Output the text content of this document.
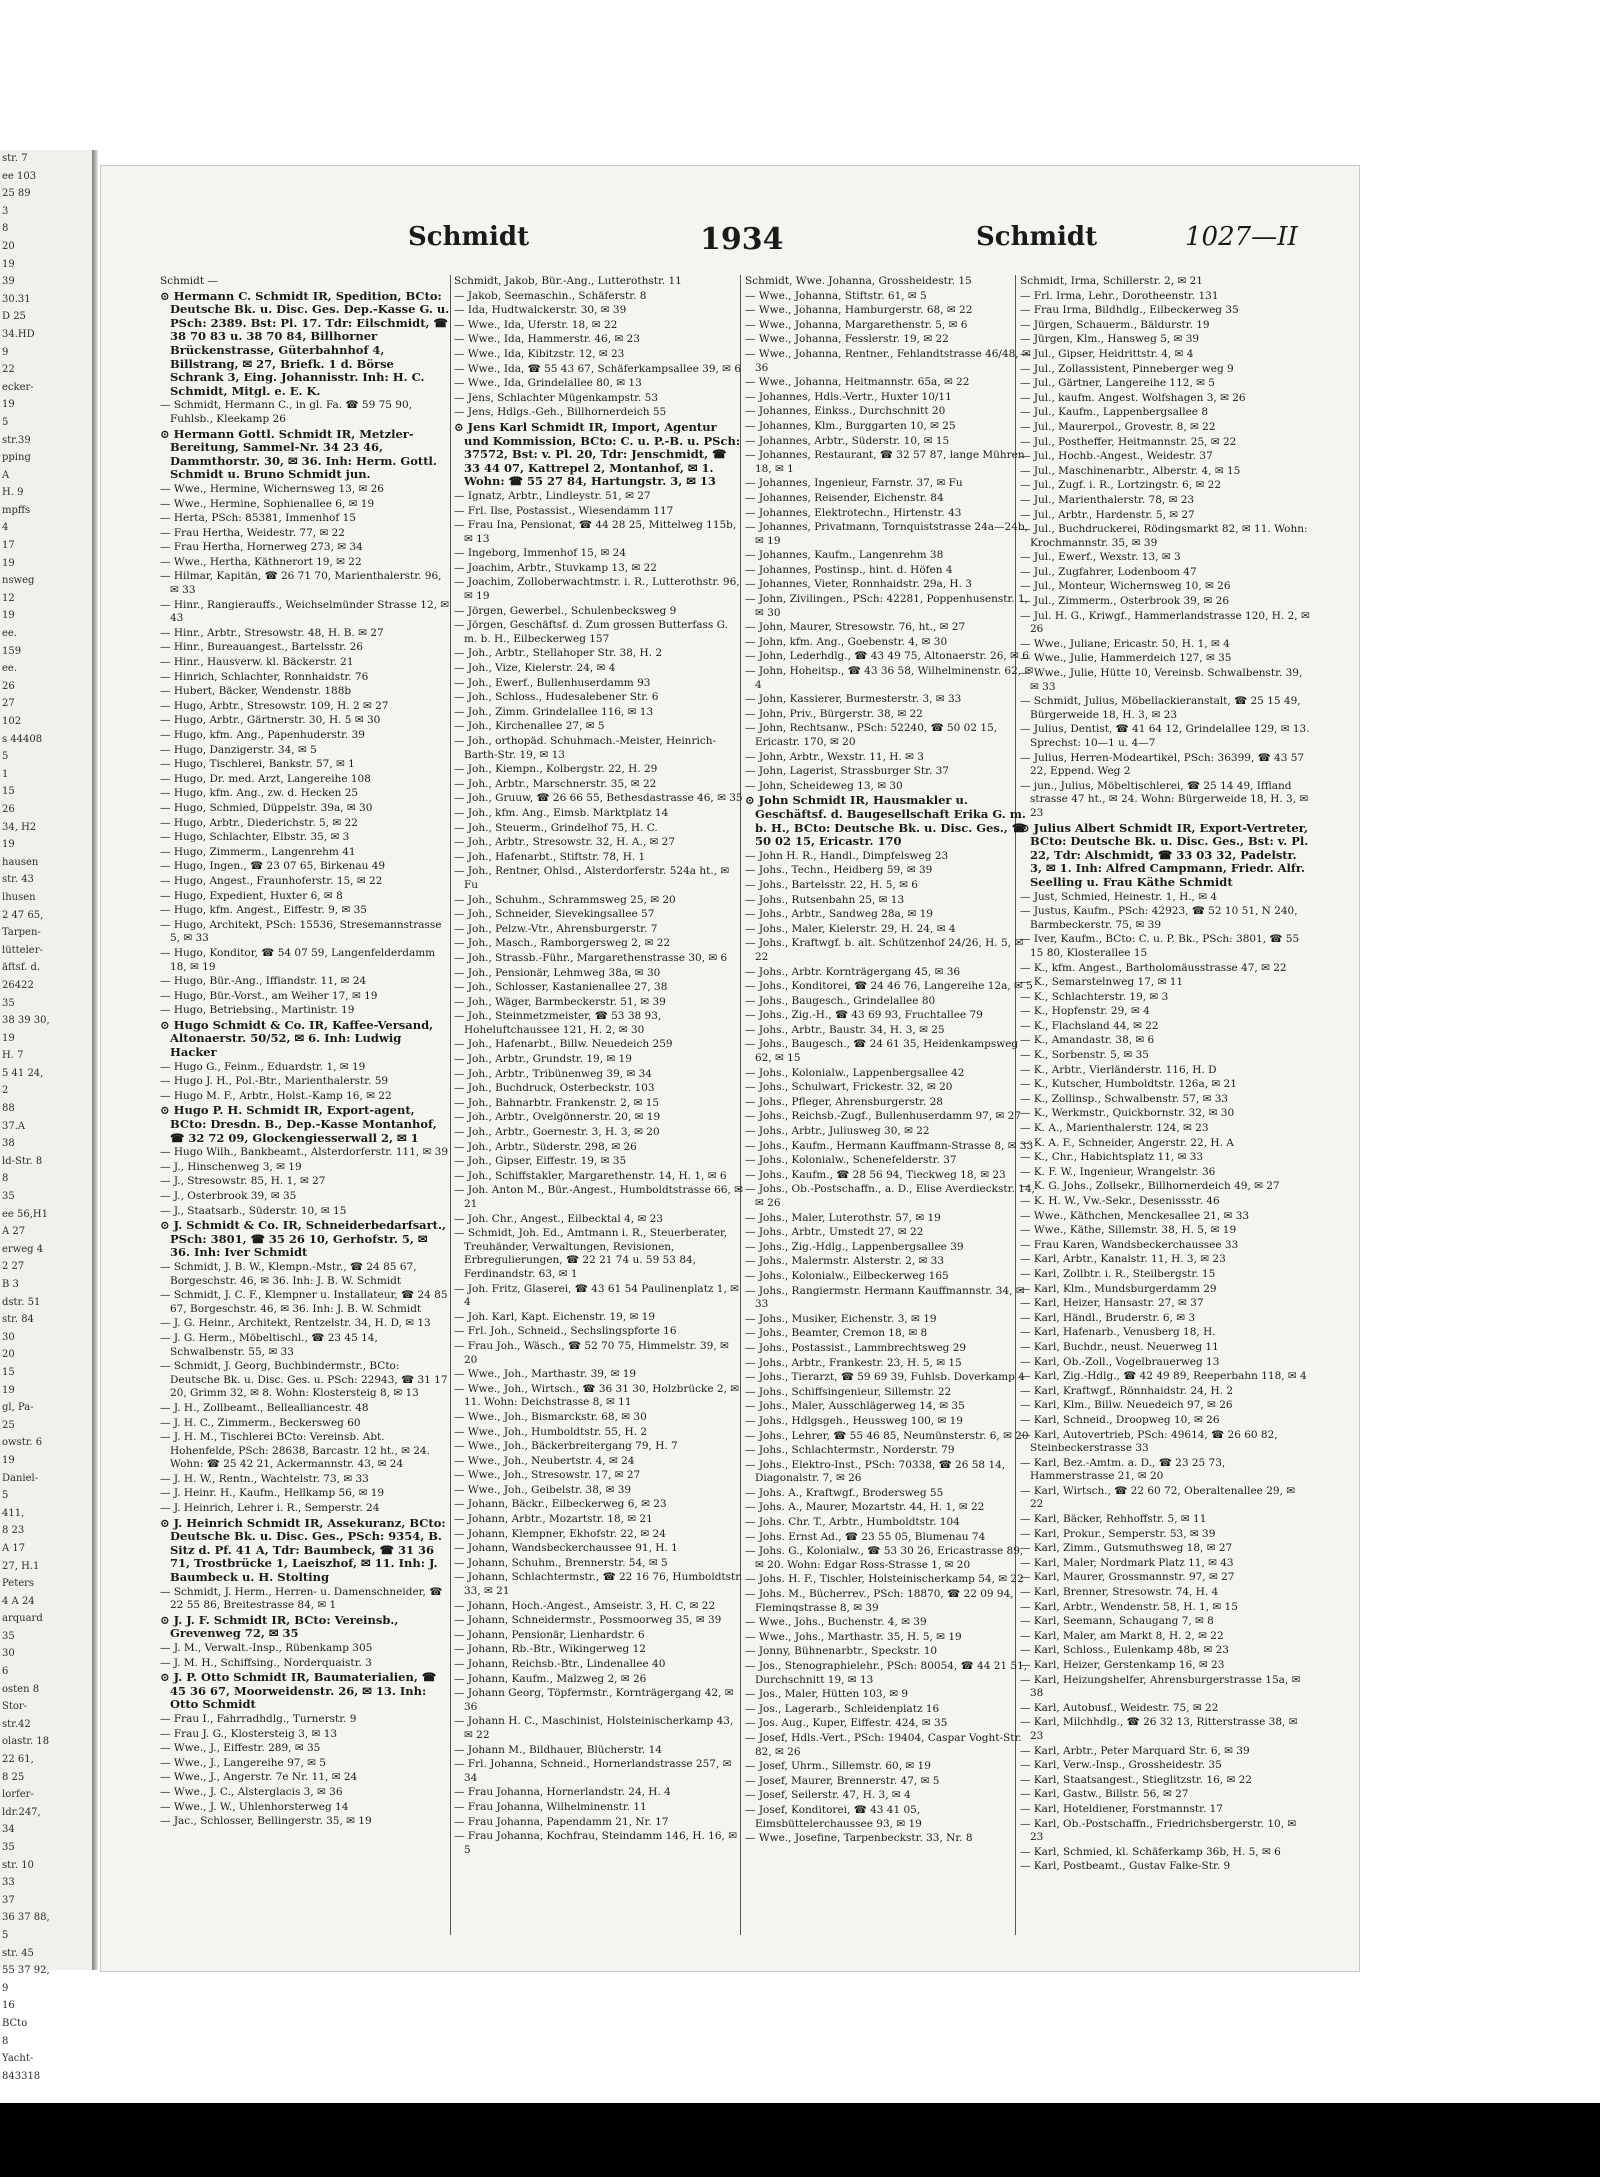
str. 7
ee 103
25 89
3
8
20
19
39
30.31
D 25
34.HD
9
22
ecker-
19
5
str.39
pping
A
H. 9
mpffs
4
17
19
nsweg
12
19
ee.
159
ee.
26
27
102
s 44408
5
1
15
26
34, H2
19
hausen
str. 43
lhusen
2 47 65,
Tarpen-
lütteler-
äftsf. d.
26422
35
38 39 30,
19
H. 7
5 41 24,
2
88
37.A
38
ld-Str. 8
8
35
ee 56,H1
A 27
erweg 4
2 27
B 3
dstr. 51
str. 84
30
20
15
19
gl, Pa-
25
owstr. 6
19
Daniel-
5
411,
8 23
A 17
27, H.1
Peters
4 A 24
arquard
35
30
6
osten 8
Stor-
str.42
olastr. 18
22 61,
8 25
lorfer-
ldr.247,
34
35
str. 10
33
37
36 37 88,
5
str. 45
55 37 92,
9
16
BCto
8
Yacht-
843318
Schmidt	1934	Schmidt	1027—II
Schmidt —
⊙ Hermann C. Schmidt IR, Spedition, BCto: Deutsche Bk. u. Disc. Ges. Dep.-Kasse G. u. PSch: 2389. Bst: Pl. 17. Tdr: Eilschmidt, ☎ 38 70 83 u. 38 70 84, Billhorner Brückenstrasse, Güterbahnhof 4, Billstrang, ✉ 27, Briefk. 1 d. Börse Schrank 3, Eing. Johannisstr. Inh: H. C. Schmidt, Mitgl. e. E. K.
— Schmidt, Hermann C., in gl. Fa. ☎ 59 75 90, Fuhlsb., Kleekamp 26
⊙ Hermann Gottl. Schmidt IR, Metzler-Bereitung, Sammel-Nr. 34 23 46, Dammthorstr. 30, ✉ 36. Inh: Herm. Gottl. Schmidt u. Bruno Schmidt jun.
— Wwe., Hermine, Wichernsweg 13, ✉ 26
— Wwe., Hermine, Sophienallee 6, ✉ 19
— Herta, PSch: 85381, Immenhof 15
— Frau Hertha, Weidestr. 77, ✉ 22
— Frau Hertha, Hornerweg 273, ✉ 34
— Wwe., Hertha, Käthnerort 19, ✉ 22
— Hilmar, Kapitän, ☎ 26 71 70, Marienthalerstr. 96, ✉ 33
— Hinr., Rangierauffs., Weichselmünder Strasse 12, ✉ 43
— Hinr., Arbtr., Stresowstr. 48, H. B. ✉ 27
— Hinr., Bureauangest., Bartelsstr. 26
— Hinr., Hausverw. kl. Bäckerstr. 21
— Hinrich, Schlachter, Ronnhaidstr. 76
— Hubert, Bäcker, Wendenstr. 188b
— Hugo, Arbtr., Stresowstr. 109, H. 2 ✉ 27
— Hugo, Arbtr., Gärtnerstr. 30, H. 5 ✉ 30
— Hugo, kfm. Ang., Papenhuderstr. 39
— Hugo, Danzigerstr. 34, ✉ 5
— Hugo, Tischlerei, Bankstr. 57, ✉ 1
— Hugo, Dr. med. Arzt, Langereihe 108
— Hugo, kfm. Ang., zw. d. Hecken 25
— Hugo, Schmied, Düppelstr. 39a, ✉ 30
— Hugo, Arbtr., Diederichstr. 5, ✉ 22
— Hugo, Schlachter, Elbstr. 35, ✉ 3
— Hugo, Zimmerm., Langenrehm 41
— Hugo, Ingen., ☎ 23 07 65, Birkenau 49
— Hugo, Angest., Fraunhoferstr. 15, ✉ 22
— Hugo, Expedient, Huxter 6, ✉ 8
— Hugo, kfm. Angest., Eiffestr. 9, ✉ 35
— Hugo, Architekt, PSch: 15536, Stresemannstrasse 5, ✉ 33
— Hugo, Konditor, ☎ 54 07 59, Langenfelderdamm 18, ✉ 19
— Hugo, Bür.-Ang., Iffiandstr. 11, ✉ 24
— Hugo, Bür.-Vorst., am Weiher 17, ✉ 19
— Hugo, Betriebsing., Martinistr. 19
⊙ Hugo Schmidt & Co. IR, Kaffee-Versand, Altonaerstr. 50/52, ✉ 6. Inh: Ludwig Hacker
— Hugo G., Feinm., Eduardstr. 1, ✉ 19
— Hugo J. H., Pol.-Btr., Marienthalerstr. 59
— Hugo M. F., Arbtr., Holst.-Kamp 16, ✉ 22
⊙ Hugo P. H. Schmidt IR, Export-agent, BCto: Dresdn. B., Dep.-Kasse Montanhof, ☎ 32 72 09, Glockengiesserwall 2, ✉ 1
— Hugo Wilh., Bankbeamt., Alsterdorferstr. 111, ✉ 39
— J., Hinschenweg 3, ✉ 19
— J., Stresowstr. 85, H. 1, ✉ 27
— J., Osterbrook 39, ✉ 35
— J., Staatsarb., Süderstr. 10, ✉ 15
⊙ J. Schmidt & Co. IR, Schneiderbedarfsart., PSch: 3801, ☎ 35 26 10, Gerhofstr. 5, ✉ 36. Inh: Iver Schmidt
— Schmidt, J. B. W., Klempn.-Mstr., ☎ 24 85 67, Borgeschstr. 46, ✉ 36. Inh: J. B. W. Schmidt
— Schmidt, J. C. F., Klempner u. Installateur, ☎ 24 85 67, Borgeschstr. 46, ✉ 36. Inh: J. B. W. Schmidt
— J. G. Heinr., Architekt, Rentzelstr. 34, H. D, ✉ 13
— J. G. Herm., Möbeltischl., ☎ 23 45 14, Schwalbenstr. 55, ✉ 33
— Schmidt, J. Georg, Buchbindermstr., BCto: Deutsche Bk. u. Disc. Ges. u. PSch: 22943, ☎ 31 17 20, Grimm 32, ✉ 8. Wohn: Klostersteig 8, ✉ 13
— J. H., Zollbeamt., Bellealliancestr. 48
— J. H. C., Zimmerm., Beckersweg 60
— J. H. M., Tischlerei BCto: Vereinsb. Abt. Hohenfelde, PSch: 28638, Barcastr. 12 ht., ✉ 24. Wohn: ☎ 25 42 21, Ackermannstr. 43, ✉ 24
— J. H. W., Rentn., Wachtelstr. 73, ✉ 33
— J. Heinr. H., Kaufm., Hellkamp 56, ✉ 19
— J. Heinrich, Lehrer i. R., Semperstr. 24
⊙ J. Heinrich Schmidt IR, Assekuranz, BCto: Deutsche Bk. u. Disc. Ges., PSch: 9354, B. Sitz d. Pf. 41 A, Tdr: Baumbeck, ☎ 31 36 71, Trostbrücke 1, Laeiszhof, ✉ 11. Inh: J. Baumbeck u. H. Stolting
— Schmidt, J. Herm., Herren- u. Damenschneider, ☎ 22 55 86, Breitestrasse 84, ✉ 1
⊙ J. J. F. Schmidt IR, BCto: Vereinsb., Grevenweg 72, ✉ 35
— J. M., Verwalt.-Insp., Rübenkamp 305
— J. M. H., Schiffsing., Norderquaistr. 3
⊙ J. P. Otto Schmidt IR, Baumaterialien, ☎ 45 36 67, Moorweidenstr. 26, ✉ 13. Inh: Otto Schmidt
— Frau I., Fahrradhdlg., Turnerstr. 9
— Frau J. G., Klostersteig 3, ✉ 13
— Wwe., J., Eiffestr. 289, ✉ 35
— Wwe., J., Langereihe 97, ✉ 5
— Wwe., J., Angerstr. 7e Nr. 11, ✉ 24
— Wwe., J. C., Alsterglacis 3, ✉ 36
— Wwe., J. W., Uhlenhorsterweg 14
— Jac., Schlosser, Bellingerstr. 35, ✉ 19
Schmidt, Jakob, Bür.-Ang., Lutterothstr. 11
— Jakob, Seemaschin., Schäferstr. 8
— Ida, Hudtwalckerstr. 30, ✉ 39
— Wwe., Ida, Uferstr. 18, ✉ 22
— Wwe., Ida, Hammerstr. 46, ✉ 23
— Wwe., Ida, Kibitzstr. 12, ✉ 23
— Wwe., Ida, ☎ 55 43 67, Schäferkampsallee 39, ✉ 6
— Wwe., Ida, Grindelallee 80, ✉ 13
— Jens, Schlachter Mügenkampstr. 53
— Jens, Hdlgs.-Geh., Billhornerdeich 55
⊙ Jens Karl Schmidt IR, Import, Agentur und Kommission, BCto: C. u. P.-B. u. PSch: 37572, Bst: v. Pl. 20, Tdr: Jenschmidt, ☎ 33 44 07, Kattrepel 2, Montanhof, ✉ 1. Wohn: ☎ 55 27 84, Hartungstr. 3, ✉ 13
— Ignatz, Arbtr., Lindleystr. 51, ✉ 27
— Frl. Ilse, Postassist., Wiesendamm 117
— Frau Ina, Pensionat, ☎ 44 28 25, Mittelweg 115b, ✉ 13
— Ingeborg, Immenhof 15, ✉ 24
— Joachim, Arbtr., Stuvkamp 13, ✉ 22
— Joachim, Zolloberwachtmstr. i. R., Lutterothstr. 96, ✉ 19
— Jörgen, Gewerbel., Schulenbecksweg 9
— Jörgen, Geschäftsf. d. Zum grossen Butterfass G. m. b. H., Eilbeckerweg 157
— Joh., Arbtr., Stellahoper Str. 38, H. 2
— Joh., Vize, Kielerstr. 24, ✉ 4
— Joh., Ewerf., Bullenhuserdamm 93
— Joh., Schloss., Hudesalebener Str. 6
— Joh., Zimm. Grindelallee 116, ✉ 13
— Joh., Kirchenallee 27, ✉ 5
— Joh., orthopäd. Schuhmach.-Meister, Heinrich-Barth-Str. 19, ✉ 13
— Joh., Kiempn., Kolbergstr. 22, H. 29
— Joh., Arbtr., Marschnerstr. 35, ✉ 22
— Joh., Gruuw, ☎ 26 66 55, Bethesdastrasse 46, ✉ 35
— Joh., kfm. Ang., Eimsb. Marktplatz 14
— Joh., Steuerm., Grindelhof 75, H. C.
— Joh., Arbtr., Stresowstr. 32, H. A., ✉ 27
— Joh., Hafenarbt., Stiftstr. 78, H. 1
— Joh., Rentner, Ohlsd., Alsterdorferstr. 524a ht., ✉ Fu
— Joh., Schuhm., Schrammsweg 25, ✉ 20
— Joh., Schneider, Sievekingsallee 57
— Joh., Pelzw.-Vtr., Ahrensburgerstr. 7
— Joh., Masch., Ramborgersweg 2, ✉ 22
— Joh., Strassb.-Führ., Margarethenstrasse 30, ✉ 6
— Joh., Pensionär, Lehmweg 38a, ✉ 30
— Joh., Schlosser, Kastanienallee 27, 38
— Joh., Wäger, Barmbeckerstr. 51, ✉ 39
— Joh., Steinmetzmeister, ☎ 53 38 93, Hoheluftchaussee 121, H. 2, ✉ 30
— Joh., Hafenarbt., Billw. Neuedeich 259
— Joh., Arbtr., Grundstr. 19, ✉ 19
— Joh., Arbtr., Tribünenweg 39, ✉ 34
— Joh., Buchdruck, Osterbeckstr. 103
— Joh., Bahnarbtr. Frankenstr. 2, ✉ 15
— Joh., Arbtr., Ovelgönnerstr. 20, ✉ 19
— Joh., Arbtr., Goernestr. 3, H. 3, ✉ 20
— Joh., Arbtr., Süderstr. 298, ✉ 26
— Joh., Gipser, Eiffestr. 19, ✉ 35
— Joh., Schiffstakler, Margarethenstr. 14, H. 1, ✉ 6
— Joh. Anton M., Bür.-Angest., Humboldtstrasse 66, ✉ 21
— Joh. Chr., Angest., Eilbecktal 4, ✉ 23
— Schmidt, Joh. Ed., Amtmann i. R., Steuerberater, Treuhänder, Verwaltungen, Revisionen, Erbregulierungen, ☎ 22 21 74 u. 59 53 84, Ferdinandstr. 63, ✉ 1
— Joh. Fritz, Glaserei, ☎ 43 61 54 Paulinenplatz 1, ✉ 4
— Joh. Karl, Kapt. Eichenstr. 19, ✉ 19
— Frl. Joh., Schneid., Sechslingspforte 16
— Frau Joh., Wäsch., ☎ 52 70 75, Himmelstr. 39, ✉ 20
— Wwe., Joh., Marthastr. 39, ✉ 19
— Wwe., Joh., Wirtsch., ☎ 36 31 30, Holzbrücke 2, ✉ 11. Wohn: Deichstrasse 8, ✉ 11
— Wwe., Joh., Bismarckstr. 68, ✉ 30
— Wwe., Joh., Humboldtstr. 55, H. 2
— Wwe., Joh., Bäckerbreitergang 79, H. 7
— Wwe., Joh., Neubertstr. 4, ✉ 24
— Wwe., Joh., Stresowstr. 17, ✉ 27
— Wwe., Joh., Geibelstr. 38, ✉ 39
— Johann, Bäckr., Eilbeckerweg 6, ✉ 23
— Johann, Arbtr., Mozartstr. 18, ✉ 21
— Johann, Klempner, Ekhofstr. 22, ✉ 24
— Johann, Wandsbeckerchaussee 91, H. 1
— Johann, Schuhm., Brennerstr. 54, ✉ 5
— Johann, Schlachtermstr., ☎ 22 16 76, Humboldtstr. 33, ✉ 21
— Johann, Hoch.-Angest., Amseistr. 3, H. C, ✉ 22
— Johann, Schneidermstr., Possmoorweg 35, ✉ 39
— Johann, Pensionär, Lienhardstr. 6
— Johann, Rb.-Btr., Wikingerweg 12
— Johann, Reichsb.-Btr., Lindenallee 40
— Johann, Kaufm., Malzweg 2, ✉ 26
— Johann Georg, Töpfermstr., Kornträgergang 42, ✉ 36
— Johann H. C., Maschinist, Holsteinischerkamp 43, ✉ 22
— Johann M., Bildhauer, Blücherstr. 14
— Frl. Johanna, Schneid., Hornerlandstrasse 257, ✉ 34
— Frau Johanna, Hornerlandstr. 24, H. 4
— Frau Johanna, Wilhelminenstr. 11
— Frau Johanna, Papendamm 21, Nr. 17
— Frau Johanna, Kochfrau, Steindamm 146, H. 16, ✉ 5
Schmidt, Wwe. Johanna, Grossheidestr. 15
— Wwe., Johanna, Stiftstr. 61, ✉ 5
— Wwe., Johanna, Hamburgerstr. 68, ✉ 22
— Wwe., Johanna, Margarethenstr. 5, ✉ 6
— Wwe., Johanna, Fesslerstr. 19, ✉ 22
— Wwe., Johanna, Rentner., Fehlandtstrasse 46/48, ✉ 36
— Wwe., Johanna, Heitmannstr. 65a, ✉ 22
— Johannes, Hdls.-Vertr., Huxter 10/11
— Johannes, Einkss., Durchschnitt 20
— Johannes, Klm., Burggarten 10, ✉ 25
— Johannes, Arbtr., Süderstr. 10, ✉ 15
— Johannes, Restaurant, ☎ 32 57 87, lange Mühren 18, ✉ 1
— Johannes, Ingenieur, Farnstr. 37, ✉ Fu
— Johannes, Reisender, Eichenstr. 84
— Johannes, Elektrotechn., Hirtenstr. 43
— Johannes, Privatmann, Tornquiststrasse 24a—24b, ✉ 19
— Johannes, Kaufm., Langenrehm 38
— Johannes, Postinsp., hint. d. Höfen 4
— Johannes, Vieter, Ronnhaidstr. 29a, H. 3
— John, Zivilingen., PSch: 42281, Poppenhusenstr. 1, ✉ 30
— John, Maurer, Stresowstr. 76, ht., ✉ 27
— John, kfm. Ang., Goebenstr. 4, ✉ 30
— John, Lederhdlg., ☎ 43 49 75, Altonaerstr. 26, ✉ 6
— John, Hoheitsp., ☎ 43 36 58, Wilhelminenstr. 62, ✉ 4
— John, Kassierer, Burmesterstr. 3, ✉ 33
— John, Priv., Bürgerstr. 38, ✉ 22
— John, Rechtsanw., PSch: 52240, ☎ 50 02 15, Ericastr. 170, ✉ 20
— John, Arbtr., Wexstr. 11, H. ✉ 3
— John, Lagerist, Strassburger Str. 37
— John, Scheideweg 13, ✉ 30
⊙ John Schmidt IR, Hausmakler u. Geschäftsf. d. Baugesellschaft Erika G. m. b. H., BCto: Deutsche Bk. u. Disc. Ges., ☎ 50 02 15, Ericastr. 170
— John H. R., Handl., Dimpfelsweg 23
— Johs., Techn., Heidberg 59, ✉ 39
— Johs., Bartelsstr. 22, H. 5, ✉ 6
— Johs., Rutsenbahn 25, ✉ 13
— Johs., Arbtr., Sandweg 28a, ✉ 19
— Johs., Maler, Kielerstr. 29, H. 24, ✉ 4
— Johs., Kraftwgf. b. alt. Schützenhof 24/26, H. 5, ✉ 22
— Johs., Arbtr. Kornträgergang 45, ✉ 36
— Johs., Konditorei, ☎ 24 46 76, Langereihe 12a, ✉ 5
— Johs., Baugesch., Grindelallee 80
— Johs., Zig.-H., ☎ 43 69 93, Fruchtallee 79
— Johs., Arbtr., Baustr. 34, H. 3, ✉ 25
— Johs., Baugesch., ☎ 24 61 35, Heidenkampsweg 62, ✉ 15
— Johs., Kolonialw., Lappenbergsallee 42
— Johs., Schulwart, Frickestr. 32, ✉ 20
— Johs., Pfleger, Ahrensburgerstr. 28
— Johs., Reichsb.-Zugf., Bullenhuserdamm 97, ✉ 27
— Johs., Arbtr., Juliusweg 30, ✉ 22
— Johs., Kaufm., Hermann Kauffmann-Strasse 8, ✉ 33
— Johs., Kolonialw., Schenefelderstr. 37
— Johs., Kaufm., ☎ 28 56 94, Tieckweg 18, ✉ 23
— Johs., Ob.-Postschaffn., a. D., Elise Averdieckstr. 14, ✉ 26
— Johs., Maler, Luterothstr. 57, ✉ 19
— Johs., Arbtr., Umstedt 27, ✉ 22
— Johs., Zig.-Hdlg., Lappenbergsallee 39
— Johs., Malermstr. Alsterstr. 2, ✉ 33
— Johs., Kolonialw., Eilbeckerweg 165
— Johs., Rangiermstr. Hermann Kauffmannstr. 34, ✉ 33
— Johs., Musiker, Eichenstr. 3, ✉ 19
— Johs., Beamter, Cremon 18, ✉ 8
— Johs., Postassist., Lammbrechtsweg 29
— Johs., Arbtr., Frankestr. 23, H. 5, ✉ 15
— Johs., Tierarzt, ☎ 59 69 39, Fuhlsb. Doverkamp 4
— Johs., Schiffsingenieur, Sillemstr. 22
— Johs., Maler, Ausschlägerweg 14, ✉ 35
— Johs., Hdlgsgeh., Heussweg 100, ✉ 19
— Johs., Lehrer, ☎ 55 46 85, Neumünsterstr. 6, ✉ 20
— Johs., Schlachtermstr., Norderstr. 79
— Johs., Elektro-Inst., PSch: 70338, ☎ 26 58 14, Diagonalstr. 7, ✉ 26
— Johs. A., Kraftwgf., Brodersweg 55
— Johs. A., Maurer, Mozartstr. 44, H. 1, ✉ 22
— Johs. Chr. T., Arbtr., Humboldtstr. 104
— Johs. Ernst Ad., ☎ 23 55 05, Blumenau 74
— Johs. G., Kolonialw., ☎ 53 30 26, Ericastrasse 89, ✉ 20. Wohn: Edgar Ross-Strasse 1, ✉ 20
— Johs. H. F., Tischler, Holsteinischerkamp 54, ✉ 22
— Johs. M., Bücherrev., PSch: 18870, ☎ 22 09 94, Fleminqstrasse 8, ✉ 39
— Wwe., Johs., Buchenstr. 4, ✉ 39
— Wwe., Johs., Marthastr. 35, H. 5, ✉ 19
— Jonny, Bühnenarbtr., Speckstr. 10
— Jos., Stenographielehr., PSch: 80054, ☎ 44 21 51, Durchschnitt 19, ✉ 13
— Jos., Maler, Hütten 103, ✉ 9
— Jos., Lagerarb., Schleidenplatz 16
— Jos. Aug., Kuper, Eiffestr. 424, ✉ 35
— Josef, Hdls.-Vert., PSch: 19404, Caspar Voght-Str. 82, ✉ 26
— Josef, Uhrm., Sillemstr. 60, ✉ 19
— Josef, Maurer, Brennerstr. 47, ✉ 5
— Josef, Seilerstr. 47, H. 3, ✉ 4
— Josef, Konditorei, ☎ 43 41 05, Eimsbüttelerchaussee 93, ✉ 19
— Wwe., Josefine, Tarpenbeckstr. 33, Nr. 8
Schmidt, Irma, Schillerstr. 2, ✉ 21
— Frl. Irma, Lehr., Dorotheenstr. 131
— Frau Irma, Bildhdlg., Eilbeckerweg 35
— Jürgen, Schauerm., Bäldurstr. 19
— Jürgen, Klm., Hansweg 5, ✉ 39
— Jul., Gipser, Heidrittstr. 4, ✉ 4
— Jul., Zollassistent, Pinneberger weg 9
— Jul., Gärtner, Langereihe 112, ✉ 5
— Jul., kaufm. Angest. Wolfshagen 3, ✉ 26
— Jul., Kaufm., Lappenbergsallee 8
— Jul., Maurerpol., Grovestr. 8, ✉ 22
— Jul., Postheffer, Heitmannstr. 25, ✉ 22
— Jul., Hochb.-Angest., Weidestr. 37
— Jul., Maschinenarbtr., Alberstr. 4, ✉ 15
— Jul., Zugf. i. R., Lortzingstr. 6, ✉ 22
— Jul., Marienthalerstr. 78, ✉ 23
— Jul., Arbtr., Hardenstr. 5, ✉ 27
— Jul., Buchdruckerei, Rödingsmarkt 82, ✉ 11. Wohn: Krochmannstr. 35, ✉ 39
— Jul., Ewerf., Wexstr. 13, ✉ 3
— Jul., Zugfahrer, Lodenboom 47
— Jul., Monteur, Wichernsweg 10, ✉ 26
— Jul., Zimmerm., Osterbrook 39, ✉ 26
— Jul. H. G., Kriwgf., Hammerlandstrasse 120, H. 2, ✉ 26
— Wwe., Juliane, Ericastr. 50, H. 1, ✉ 4
— Wwe., Julie, Hammerdeich 127, ✉ 35
— Wwe., Julie, Hütte 10, Vereinsb. Schwalbenstr. 39, ✉ 33
— Schmidt, Julius, Möbellackieranstalt, ☎ 25 15 49, Bürgerweide 18, H. 3, ✉ 23
— Julius, Dentist, ☎ 41 64 12, Grindelallee 129, ✉ 13. Sprechst: 10—1 u. 4—7
— Julius, Herren-Modeartikel, PSch: 36399, ☎ 43 57 22, Eppend. Weg 2
— jun., Julius, Möbeltischlerei, ☎ 25 14 49, Iffland strasse 47 ht., ✉ 24. Wohn: Bürgerweide 18, H. 3, ✉ 23
⊙ Julius Albert Schmidt IR, Export-Vertreter, BCto: Deutsche Bk. u. Disc. Ges., Bst: v. Pl. 22, Tdr: Alschmidt, ☎ 33 03 32, Padelstr. 3, ✉ 1. Inh: Alfred Campmann, Friedr. Alfr. Seelling u. Frau Käthe Schmidt
— Just, Schmied, Heinestr. 1, H., ✉ 4
— Justus, Kaufm., PSch: 42923, ☎ 52 10 51, N 240, Barmbeckerstr. 75, ✉ 39
— Iver, Kaufm., BCto: C. u. P. Bk., PSch: 3801, ☎ 55 15 80, Klosterallee 15
— K., kfm. Angest., Bartholomäusstrasse 47, ✉ 22
— K., Semarstelnweg 17, ✉ 11
— K., Schlachterstr. 19, ✉ 3
— K., Hopfenstr. 29, ✉ 4
— K., Flachsland 44, ✉ 22
— K., Amandastr. 38, ✉ 6
— K., Sorbenstr. 5, ✉ 35
— K., Arbtr., Vierländerstr. 116, H. D
— K., Kutscher, Humboldtstr. 126a, ✉ 21
— K., Zollinsp., Schwalbenstr. 57, ✉ 33
— K., Werkmstr., Quickbornstr. 32, ✉ 30
— K. A., Marienthalerstr. 124, ✉ 23
— K. A. F., Schneider, Angerstr. 22, H. A
— K., Chr., Habichtsplatz 11, ✉ 33
— K. F. W., Ingenieur, Wrangelstr. 36
— K. G. Johs., Zollsekr., Billhornerdeich 49, ✉ 27
— K. H. W., Vw.-Sekr., Desenissstr. 46
— Wwe., Käthchen, Menckesallee 21, ✉ 33
— Wwe., Käthe, Sillemstr. 38, H. 5, ✉ 19
— Frau Karen, Wandsbeckerchaussee 33
— Karl, Arbtr., Kanalstr. 11, H. 3, ✉ 23
— Karl, Zollbtr. i. R., Steilbergstr. 15
— Karl, Klm., Mundsburgerdamm 29
— Karl, Heizer, Hansastr. 27, ✉ 37
— Karl, Händl., Bruderstr. 6, ✉ 3
— Karl, Hafenarb., Venusberg 18, H.
— Karl, Buchdr., neust. Neuerweg 11
— Karl, Ob.-Zoll., Vogelbrauerweg 13
— Karl, Zig.-Hdlg., ☎ 42 49 89, Reeperbahn 118, ✉ 4
— Karl, Kraftwgf., Rönnhaidstr. 24, H. 2
— Karl, Klm., Billw. Neuedeich 97, ✉ 26
— Karl, Schneid., Droopweg 10, ✉ 26
— Karl, Autovertrieb, PSch: 49614, ☎ 26 60 82, Steinbeckerstrasse 33
— Karl, Bez.-Amtm. a. D., ☎ 23 25 73, Hammerstrasse 21, ✉ 20
— Karl, Wirtsch., ☎ 22 60 72, Oberaltenallee 29, ✉ 22
— Karl, Bäcker, Rehhoffstr. 5, ✉ 11
— Karl, Prokur., Semperstr. 53, ✉ 39
— Karl, Zimm., Gutsmuthsweg 18, ✉ 27
— Karl, Maler, Nordmark Platz 11, ✉ 43
— Karl, Maurer, Grossmannstr. 97, ✉ 27
— Karl, Brenner, Stresowstr. 74, H. 4
— Karl, Arbtr., Wendenstr. 58, H. 1, ✉ 15
— Karl, Seemann, Schaugang 7, ✉ 8
— Karl, Maler, am Markt 8, H. 2, ✉ 22
— Karl, Schloss., Eulenkamp 48b, ✉ 23
— Karl, Heizer, Gerstenkamp 16, ✉ 23
— Karl, Heizungshelfer, Ahrensburgerstrasse 15a, ✉ 38
— Karl, Autobusf., Weidestr. 75, ✉ 22
— Karl, Milchhdlg., ☎ 26 32 13, Ritterstrasse 38, ✉ 23
— Karl, Arbtr., Peter Marquard Str. 6, ✉ 39
— Karl, Verw.-Insp., Grossheidestr. 35
— Karl, Staatsangest., Stieglitzstr. 16, ✉ 22
— Karl, Gastw., Billstr. 56, ✉ 27
— Karl, Hoteldiener, Forstmannstr. 17
— Karl, Ob.-Postschaffn., Friedrichsbergerstr. 10, ✉ 23
— Karl, Schmied, kl. Schäferkamp 36b, H. 5, ✉ 6
— Karl, Postbeamt., Gustav Falke-Str. 9
